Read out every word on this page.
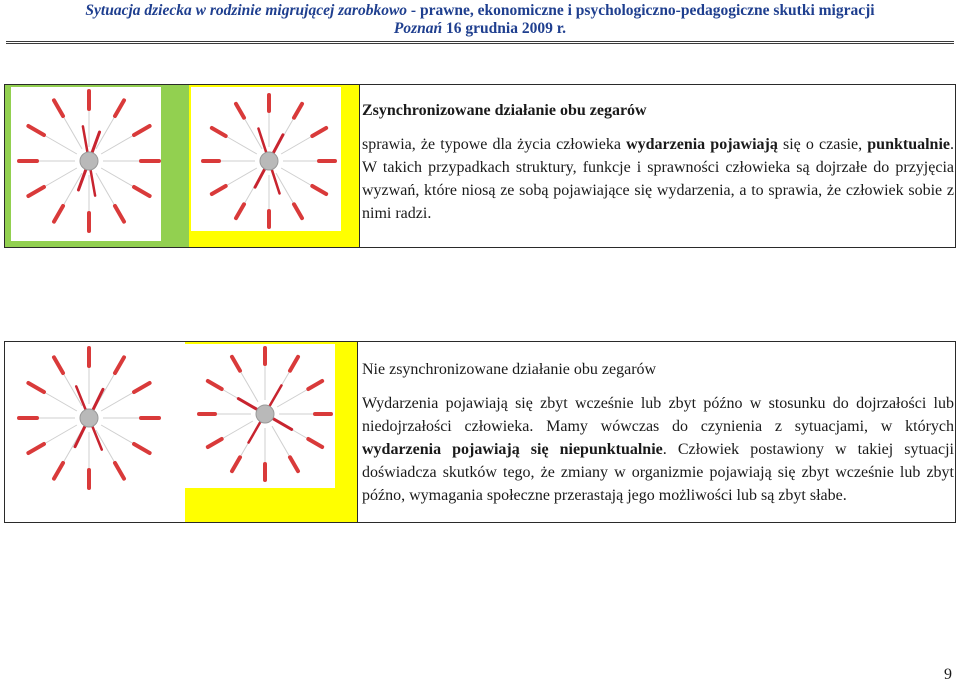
Sytuacja dziecka w rodzinie migrującej zarobkowo - prawne, ekonomiczne i psychologiczno-pedagogiczne skutki migracji
Poznań 16 grudnia 2009 r.

Zsynchronizowane działanie obu zegarów

sprawia, że typowe dla życia człowieka wydarzenia pojawiają się o czasie, punktualnie. W takich przypadkach struktury, funkcje i sprawności człowieka są dojrzałe do przyjęcia wyzwań, które niosą ze sobą pojawiające się wydarzenia, a to sprawia, że człowiek sobie z nimi radzi.

Nie zsynchronizowane działanie obu zegarów

Wydarzenia pojawiają się zbyt wcześnie lub zbyt późno w stosunku do dojrzałości lub niedojrzałości człowieka. Mamy wówczas do czynienia z sytuacjami, w których wydarzenia pojawiają się niepunktualnie. Człowiek postawiony w takiej sytuacji doświadcza skutków tego, że zmiany w organizmie pojawiają się zbyt wcześnie lub zbyt późno, wymagania społeczne przerastają jego możliwości lub są zbyt słabe.

9
